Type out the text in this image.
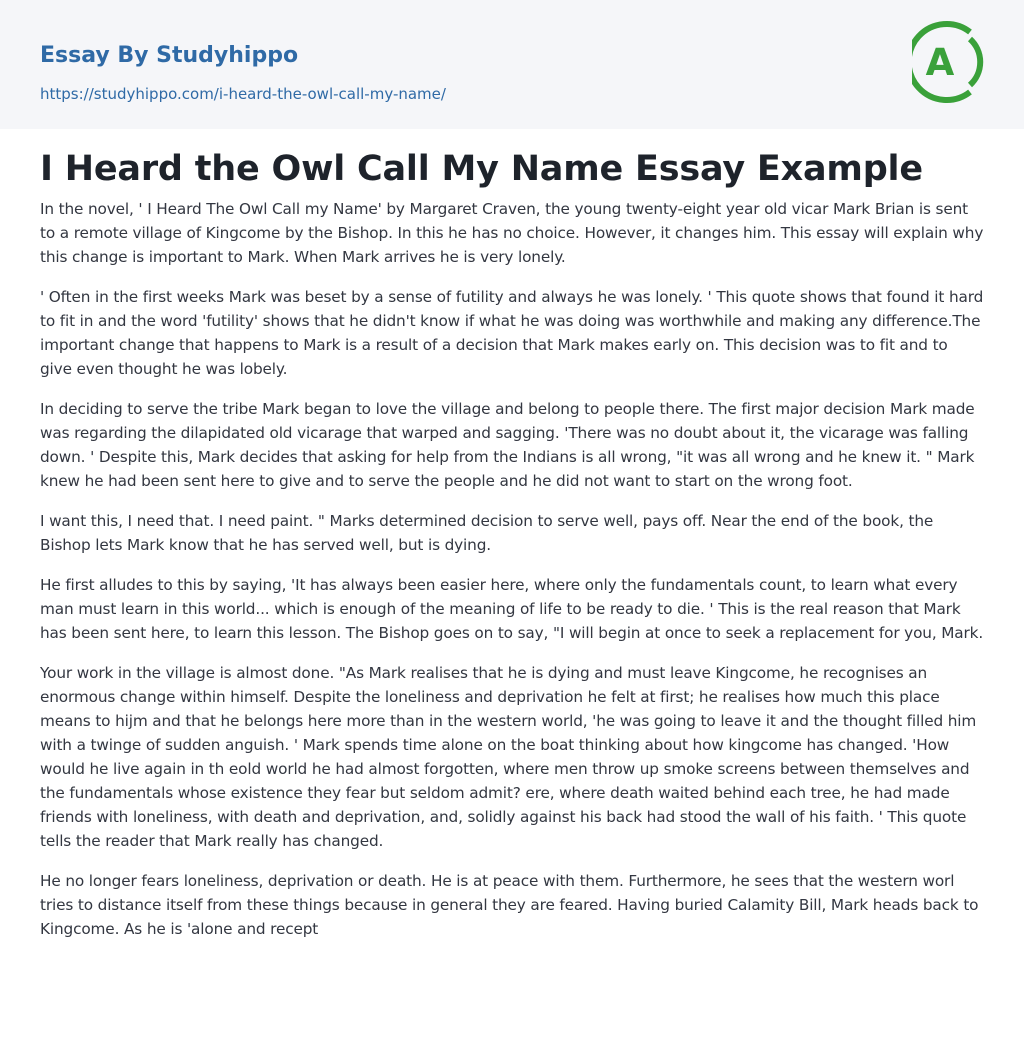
Essay By Studyhippo
https://studyhippo.com/i-heard-the-owl-call-my-name/
A
I Heard the Owl Call My Name Essay Example

In the novel, ' I Heard The Owl Call my Name' by Margaret Craven, the young twenty-eight year old vicar Mark Brian is sent to a remote village of Kingcome by the Bishop. In this he has no choice. However, it changes him. This essay will explain why this change is important to Mark. When Mark arrives he is very lonely.

' Often in the first weeks Mark was beset by a sense of futility and always he was lonely. ' This quote shows that found it hard to fit in and the word 'futility' shows that he didn't know if what he was doing was worthwhile and making any difference.The important change that happens to Mark is a result of a decision that Mark makes early on. This decision was to fit and to give even thought he was lobely.

In deciding to serve the tribe Mark began to love the village and belong to people there. The first major decision Mark made was regarding the dilapidated old vicarage that warped and sagging. 'There was no doubt about it, the vicarage was falling down. ' Despite this, Mark decides that asking for help from the Indians is all wrong, "it was all wrong and he knew it. " Mark knew he had been sent here to give and to serve the people and he did not want to start on the wrong foot.

I want this, I need that. I need paint. " Marks determined decision to serve well, pays off. Near the end of the book, the Bishop lets Mark know that he has served well, but is dying.

He first alludes to this by saying, 'It has always been easier here, where only the fundamentals count, to learn what every man must learn in this world... which is enough of the meaning of life to be ready to die. ' This is the real reason that Mark has been sent here, to learn this lesson. The Bishop goes on to say, "I will begin at once to seek a replacement for you, Mark.

Your work in the village is almost done. "As Mark realises that he is dying and must leave Kingcome, he recognises an enormous change within himself. Despite the loneliness and deprivation he felt at first; he realises how much this place means to hijm and that he belongs here more than in the western world, 'he was going to leave it and the thought filled him with a twinge of sudden anguish. ' Mark spends time alone on the boat thinking about how kingcome has changed. 'How would he live again in th eold world he had almost forgotten, where men throw up smoke screens between themselves and the fundamentals whose existence they fear but seldom admit? ere, where death waited behind each tree, he had made friends with loneliness, with death and deprivation, and, solidly against his back had stood the wall of his faith. ' This quote tells the reader that Mark really has changed.

He no longer fears loneliness, deprivation or death. He is at peace with them. Furthermore, he sees that the western worl tries to distance itself from these things because in general they are feared. Having buried Calamity Bill, Mark heads back to Kingcome. As he is 'alone and recept
